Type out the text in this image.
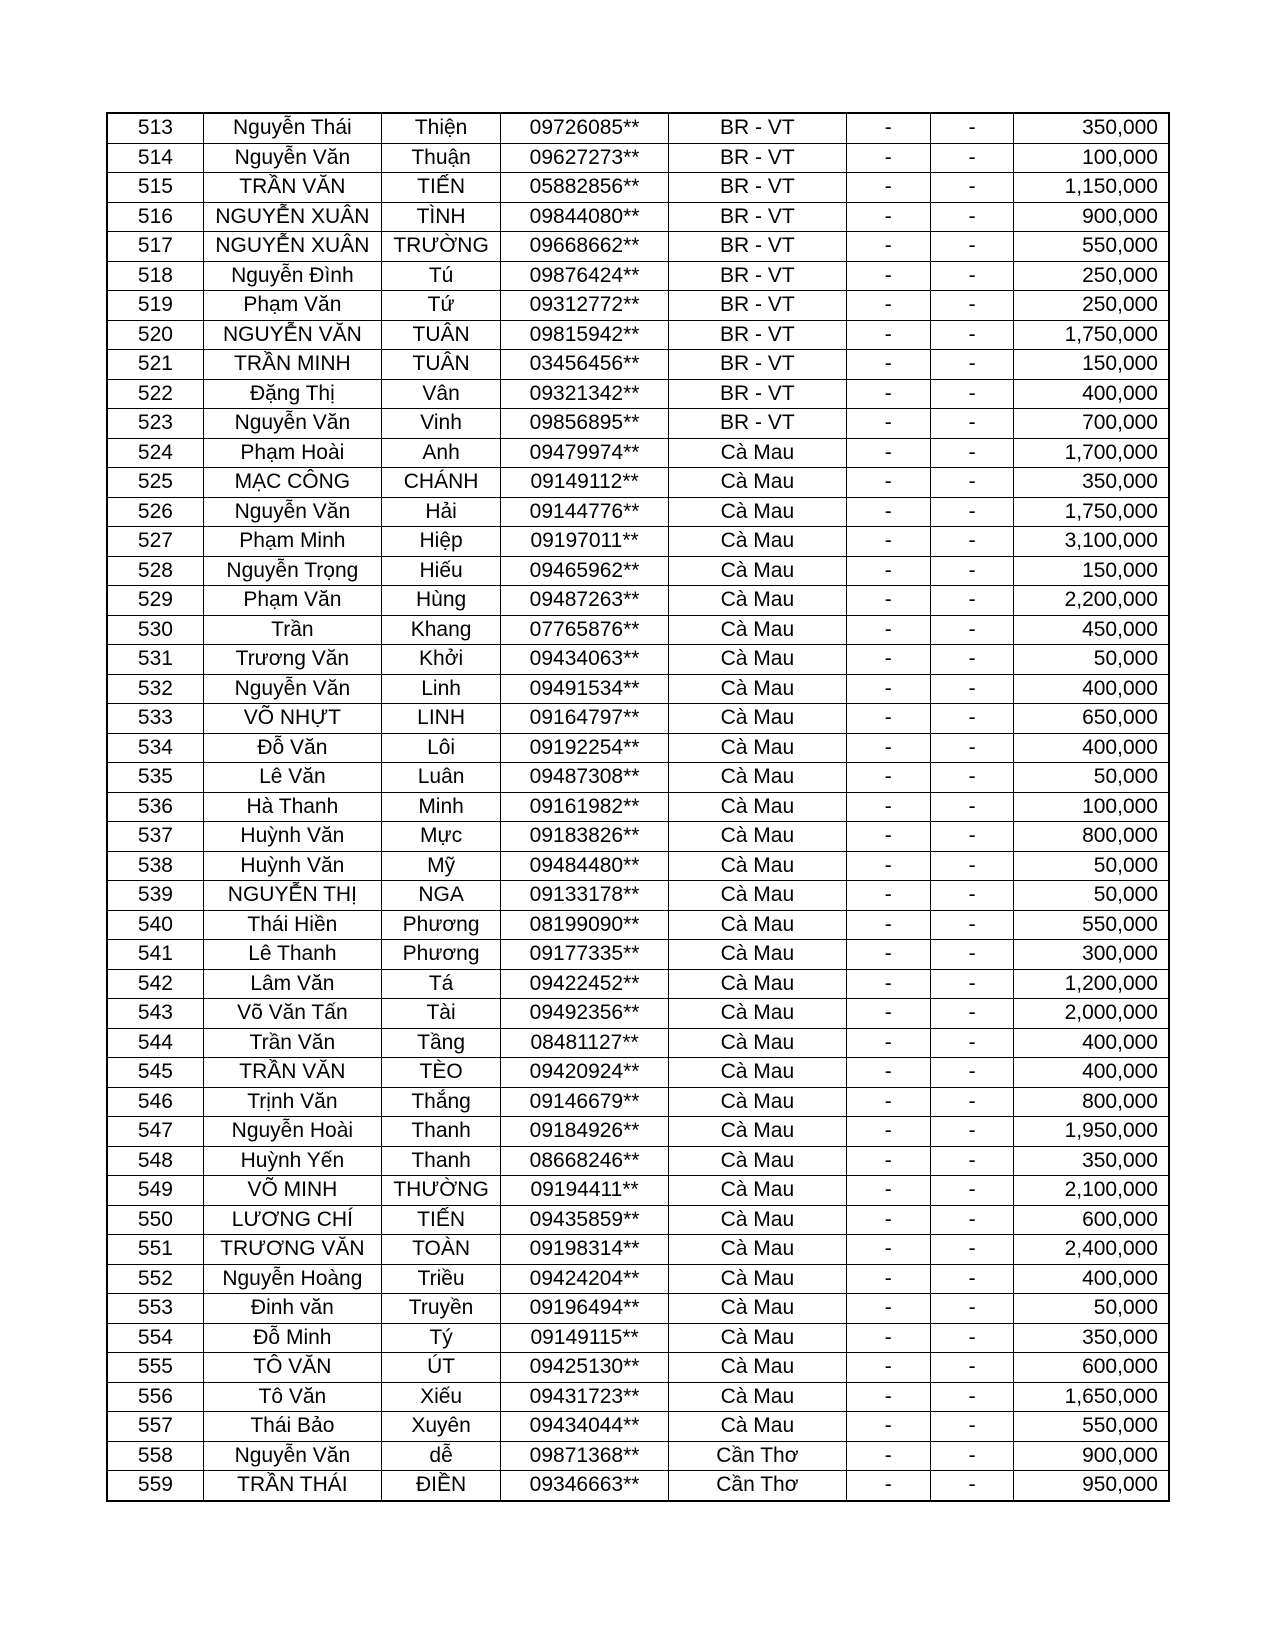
513	Nguyễn Thái	Thiện	09726085**	BR - VT	-	-	350,000
514	Nguyễn Văn	Thuận	09627273**	BR - VT	-	-	100,000
515	TRẦN VĂN	TIẾN	05882856**	BR - VT	-	-	1,150,000
516	NGUYỄN XUÂN	TÌNH	09844080**	BR - VT	-	-	900,000
517	NGUYỄN XUÂN	TRƯỜNG	09668662**	BR - VT	-	-	550,000
518	Nguyễn Đình	Tú	09876424**	BR - VT	-	-	250,000
519	Phạm Văn	Tứ	09312772**	BR - VT	-	-	250,000
520	NGUYỄN VĂN	TUÂN	09815942**	BR - VT	-	-	1,750,000
521	TRẦN MINH	TUÂN	03456456**	BR - VT	-	-	150,000
522	Đặng Thị	Vân	09321342**	BR - VT	-	-	400,000
523	Nguyễn Văn	Vinh	09856895**	BR - VT	-	-	700,000
524	Phạm Hoài	Anh	09479974**	Cà Mau	-	-	1,700,000
525	MẠC CÔNG	CHÁNH	09149112**	Cà Mau	-	-	350,000
526	Nguyễn Văn	Hải	09144776**	Cà Mau	-	-	1,750,000
527	Phạm Minh	Hiệp	09197011**	Cà Mau	-	-	3,100,000
528	Nguyễn Trọng	Hiếu	09465962**	Cà Mau	-	-	150,000
529	Phạm Văn	Hùng	09487263**	Cà Mau	-	-	2,200,000
530	Trần	Khang	07765876**	Cà Mau	-	-	450,000
531	Trương Văn	Khởi	09434063**	Cà Mau	-	-	50,000
532	Nguyễn Văn	Linh	09491534**	Cà Mau	-	-	400,000
533	VÕ NHỰT	LINH	09164797**	Cà Mau	-	-	650,000
534	Đỗ Văn	Lôi	09192254**	Cà Mau	-	-	400,000
535	Lê Văn	Luân	09487308**	Cà Mau	-	-	50,000
536	Hà Thanh	Minh	09161982**	Cà Mau	-	-	100,000
537	Huỳnh Văn	Mực	09183826**	Cà Mau	-	-	800,000
538	Huỳnh Văn	Mỹ	09484480**	Cà Mau	-	-	50,000
539	NGUYỄN THỊ	NGA	09133178**	Cà Mau	-	-	50,000
540	Thái Hiền	Phương	08199090**	Cà Mau	-	-	550,000
541	Lê Thanh	Phương	09177335**	Cà Mau	-	-	300,000
542	Lâm Văn	Tá	09422452**	Cà Mau	-	-	1,200,000
543	Võ Văn Tấn	Tài	09492356**	Cà Mau	-	-	2,000,000
544	Trần Văn	Tầng	08481127**	Cà Mau	-	-	400,000
545	TRẦN VĂN	TÈO	09420924**	Cà Mau	-	-	400,000
546	Trịnh Văn	Thắng	09146679**	Cà Mau	-	-	800,000
547	Nguyễn Hoài	Thanh	09184926**	Cà Mau	-	-	1,950,000
548	Huỳnh Yến	Thanh	08668246**	Cà Mau	-	-	350,000
549	VÕ MINH	THƯỜNG	09194411**	Cà Mau	-	-	2,100,000
550	LƯƠNG CHÍ	TIẾN	09435859**	Cà Mau	-	-	600,000
551	TRƯƠNG VĂN	TOÀN	09198314**	Cà Mau	-	-	2,400,000
552	Nguyễn Hoàng	Triều	09424204**	Cà Mau	-	-	400,000
553	Đinh văn	Truyền	09196494**	Cà Mau	-	-	50,000
554	Đỗ Minh	Tý	09149115**	Cà Mau	-	-	350,000
555	TÔ VĂN	ÚT	09425130**	Cà Mau	-	-	600,000
556	Tô Văn	Xiếu	09431723**	Cà Mau	-	-	1,650,000
557	Thái Bảo	Xuyên	09434044**	Cà Mau	-	-	550,000
558	Nguyễn Văn	dễ	09871368**	Cần Thơ	-	-	900,000
559	TRẦN THÁI	ĐIỀN	09346663**	Cần Thơ	-	-	950,000
